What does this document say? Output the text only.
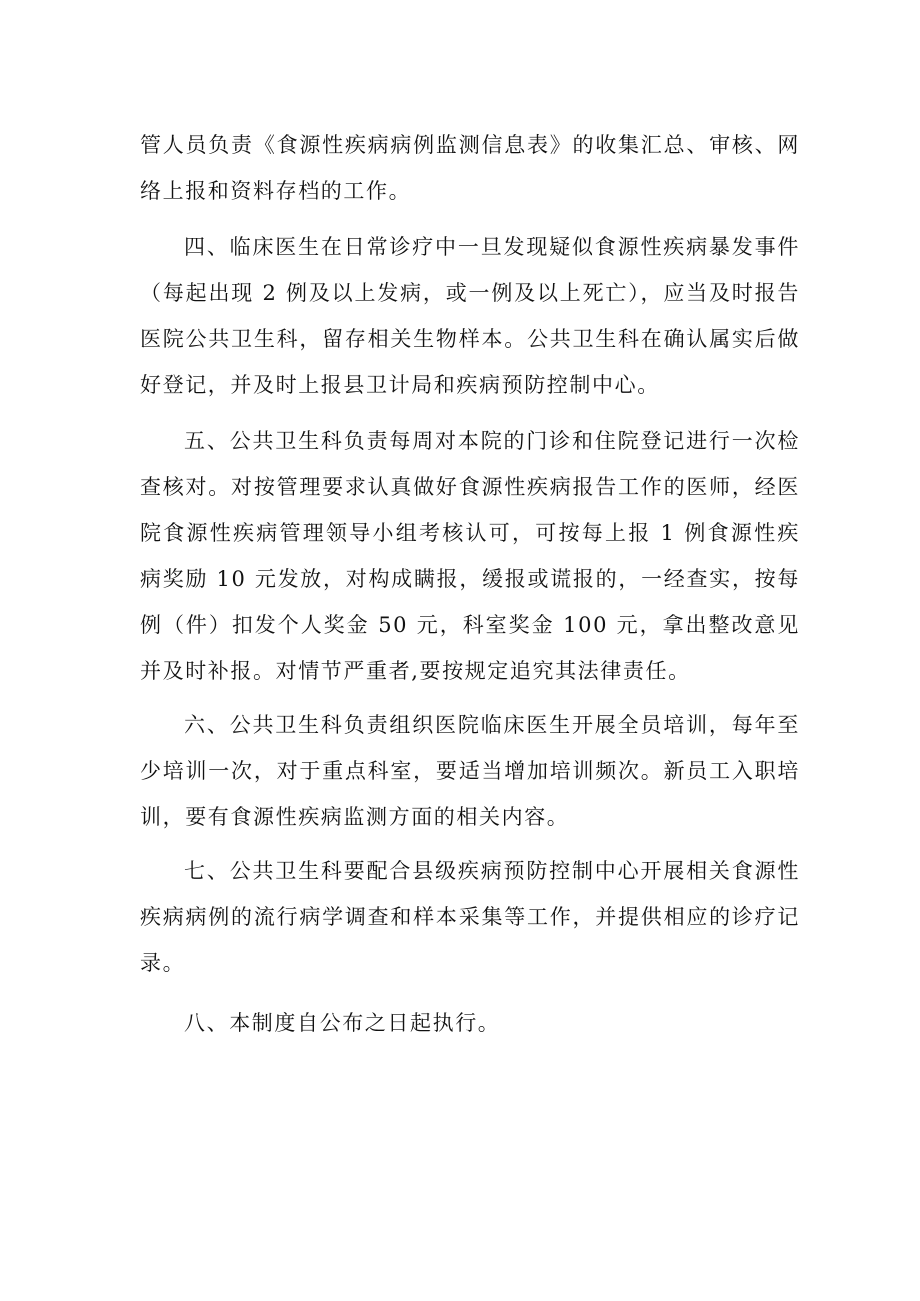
管人员负责《食源性疾病病例监测信息表》的收集汇总、审核、网络上报和资料存档的工作。

四、临床医生在日常诊疗中一旦发现疑似食源性疾病暴发事件（每起出现 2 例及以上发病，或一例及以上死亡），应当及时报告医院公共卫生科，留存相关生物样本。公共卫生科在确认属实后做好登记，并及时上报县卫计局和疾病预防控制中心。

五、公共卫生科负责每周对本院的门诊和住院登记进行一次检查核对。对按管理要求认真做好食源性疾病报告工作的医师，经医院食源性疾病管理领导小组考核认可，可按每上报 1 例食源性疾病奖励 10 元发放，对构成瞒报，缓报或谎报的，一经查实，按每例（件）扣发个人奖金 50 元，科室奖金 100 元，拿出整改意见并及时补报。对情节严重者,要按规定追究其法律责任。

六、公共卫生科负责组织医院临床医生开展全员培训，每年至少培训一次，对于重点科室，要适当增加培训频次。新员工入职培训，要有食源性疾病监测方面的相关内容。

七、公共卫生科要配合县级疾病预防控制中心开展相关食源性疾病病例的流行病学调查和样本采集等工作，并提供相应的诊疗记录。

八、本制度自公布之日起执行。
